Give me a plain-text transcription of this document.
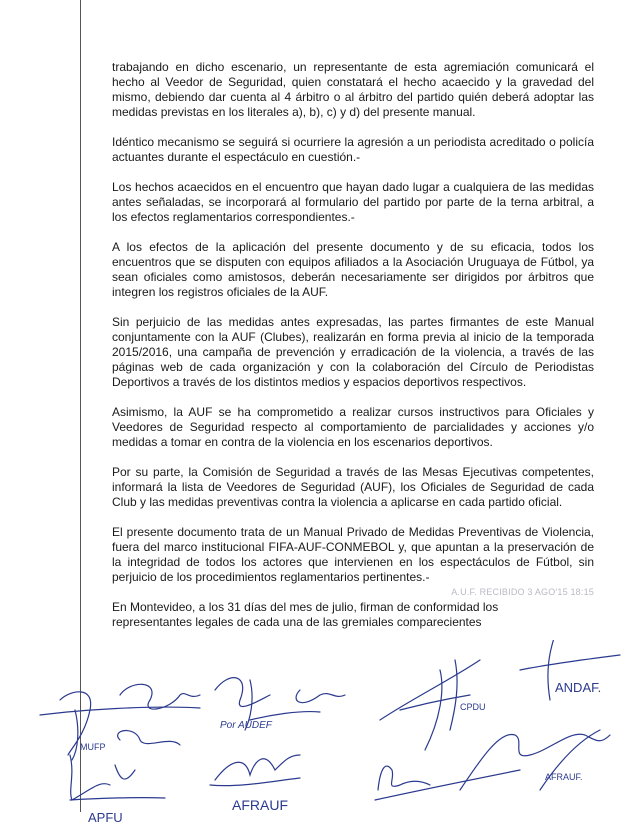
trabajando en dicho escenario, un representante de esta agremiación comunicará el hecho al Veedor de Seguridad, quien constatará el hecho acaecido y la gravedad del mismo, debiendo dar cuenta al 4 árbitro o al árbitro del partido quién deberá adoptar las medidas previstas en los literales a), b), c) y d) del presente manual.

Idéntico mecanismo se seguirá si ocurriere la agresión a un periodista acreditado o policía actuantes durante el espectáculo en cuestión.-

Los hechos acaecidos en el encuentro que hayan dado lugar a cualquiera de las medidas antes señaladas, se incorporará al formulario del partido por parte de la terna arbitral, a los efectos reglamentarios correspondientes.-

A los efectos de la aplicación del presente documento y de su eficacia, todos los encuentros que se disputen con equipos afiliados a la Asociación Uruguaya de Fútbol, ya sean oficiales como amistosos, deberán necesariamente ser dirigidos por árbitros que integren los registros oficiales de la AUF.

Sin perjuicio de las medidas antes expresadas, las partes firmantes de este Manual conjuntamente con la AUF (Clubes), realizarán en forma previa al inicio de la temporada 2015/2016, una campaña de prevención y erradicación de la violencia, a través de las páginas web de cada organización y con la colaboración del Círculo de Periodistas Deportivos a través de los distintos medios y espacios deportivos respectivos.

Asimismo, la AUF se ha comprometido a realizar cursos instructivos para Oficiales y Veedores de Seguridad respecto al comportamiento de parcialidades y acciones y/o medidas a tomar en contra de la violencia en los escenarios deportivos.

Por su parte, la Comisión de Seguridad a través de las Mesas Ejecutivas competentes, informará la lista de Veedores de Seguridad (AUF), los Oficiales de Seguridad de cada Club y las medidas preventivas contra la violencia a aplicarse en cada partido oficial.

El presente documento trata de un Manual Privado de Medidas Preventivas de Violencia, fuera del marco institucional FIFA-AUF-CONMEBOL y, que apuntan a la preservación de la integridad de todos los actores que intervienen en los espectáculos de Fútbol, sin perjuicio de los procedimientos reglamentarios pertinentes.-

A.U.F. RECIBIDO 3 AGO'15 18:15

En Montevideo, a los 31 días del mes de julio, firman de conformidad los representantes legales de cada una de las gremiales comparecientes

MUFP
APFU
Por AUDEF
AFRAUF
CPDU
ANDAF.
AFRAUF.
